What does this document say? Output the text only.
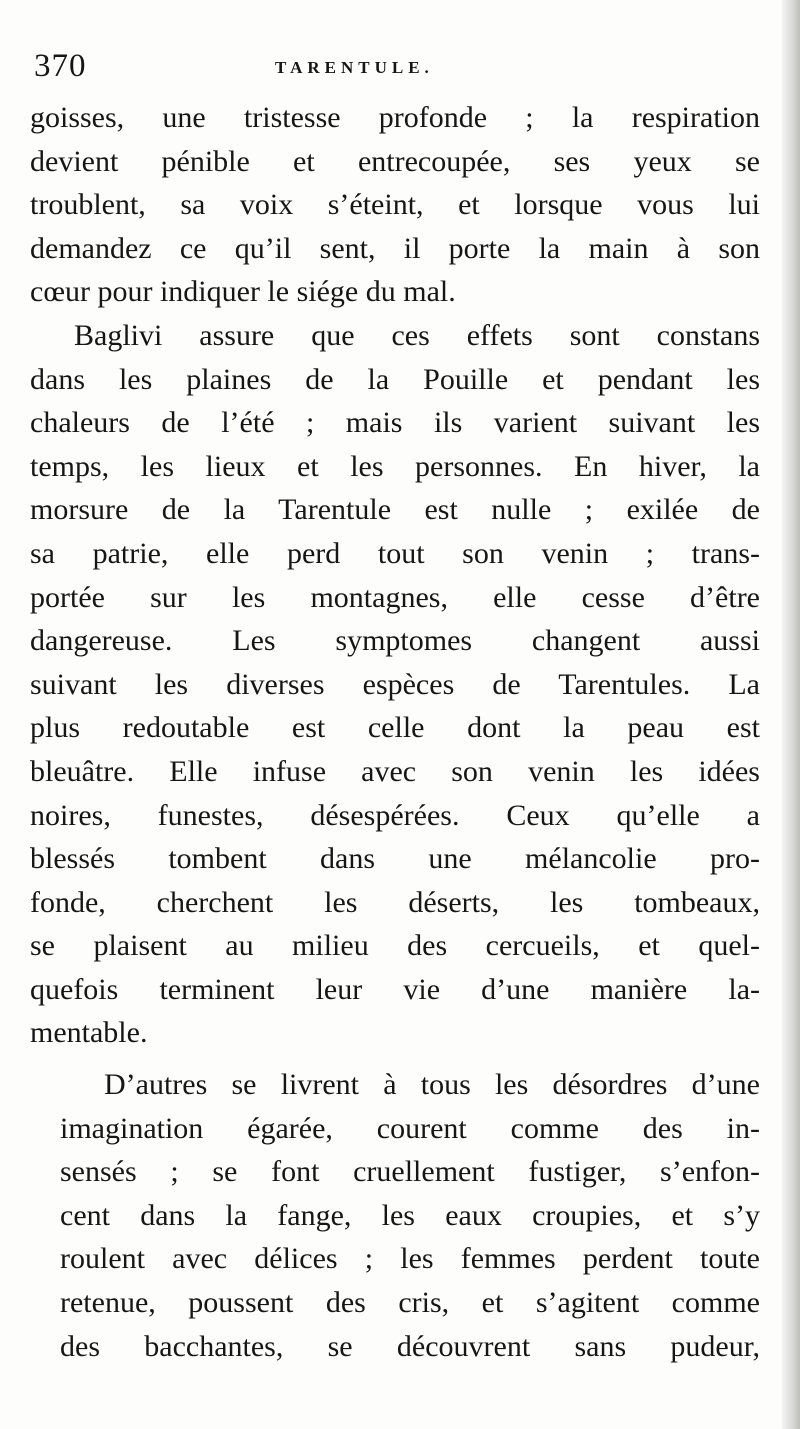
370	TARENTULE.
goisses, une tristesse profonde ; la respiration
devient pénible et entrecoupée, ses yeux se
troublent, sa voix s’éteint, et lorsque vous lui
demandez ce qu’il sent, il porte la main à son
cœur pour indiquer le siége du mal.
Baglivi assure que ces effets sont constans
dans les plaines de la Pouille et pendant les
chaleurs de l’été ; mais ils varient suivant les
temps, les lieux et les personnes. En hiver, la
morsure de la Tarentule est nulle ; exilée de
sa patrie, elle perd tout son venin ; trans-
portée sur les montagnes, elle cesse d’être
dangereuse. Les symptomes changent aussi
suivant les diverses espèces de Tarentules. La
plus redoutable est celle dont la peau est
bleuâtre. Elle infuse avec son venin les idées
noires, funestes, désespérées. Ceux qu’elle a
blessés tombent dans une mélancolie pro-
fonde, cherchent les déserts, les tombeaux,
se plaisent au milieu des cercueils, et quel-
quefois terminent leur vie d’une manière la-
mentable.
D’autres se livrent à tous les désordres d’une
imagination égarée, courent comme des in-
sensés ; se font cruellement fustiger, s’enfon-
cent dans la fange, les eaux croupies, et s’y
roulent avec délices ; les femmes perdent toute
retenue, poussent des cris, et s’agitent comme
des bacchantes, se découvrent sans pudeur,
